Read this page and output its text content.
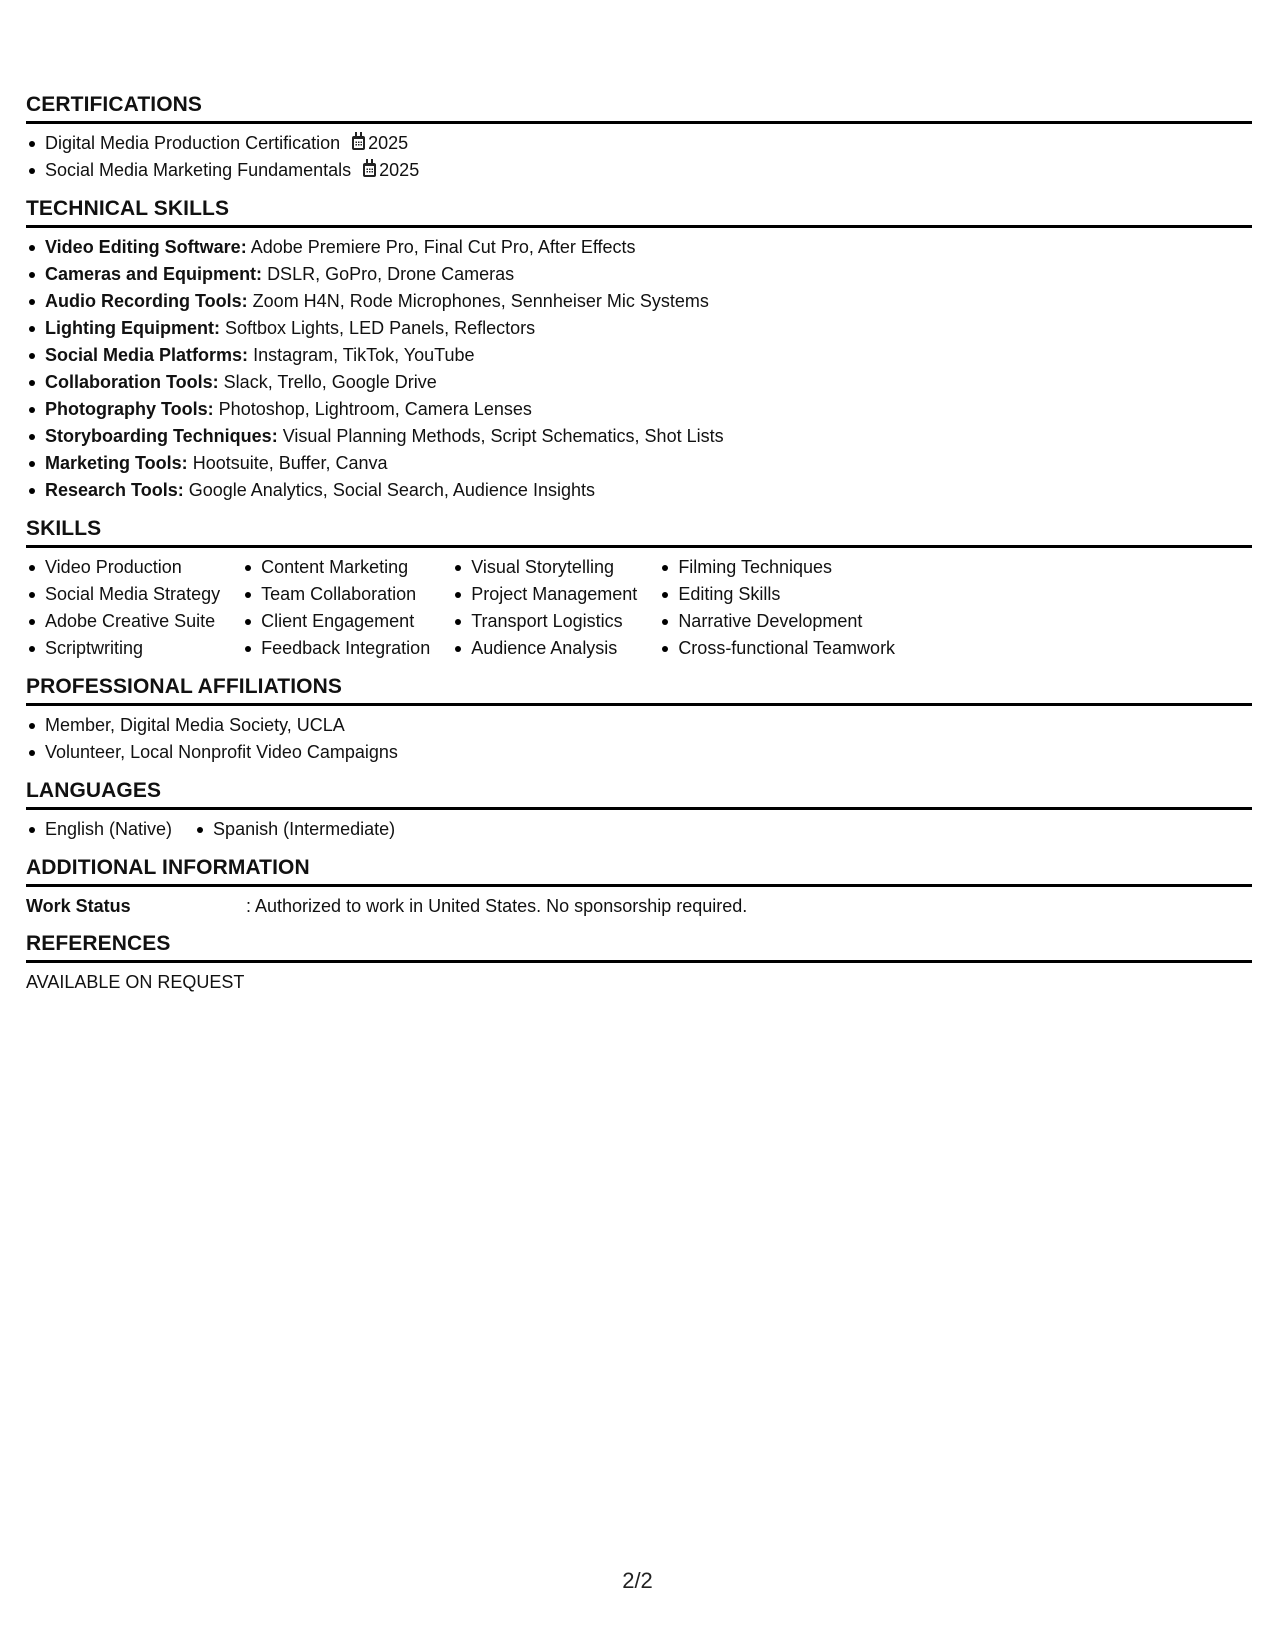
CERTIFICATIONS
Digital Media Production Certification 2025
Social Media Marketing Fundamentals 2025
TECHNICAL SKILLS
Video Editing Software: Adobe Premiere Pro, Final Cut Pro, After Effects
Cameras and Equipment: DSLR, GoPro, Drone Cameras
Audio Recording Tools: Zoom H4N, Rode Microphones, Sennheiser Mic Systems
Lighting Equipment: Softbox Lights, LED Panels, Reflectors
Social Media Platforms: Instagram, TikTok, YouTube
Collaboration Tools: Slack, Trello, Google Drive
Photography Tools: Photoshop, Lightroom, Camera Lenses
Storyboarding Techniques: Visual Planning Methods, Script Schematics, Shot Lists
Marketing Tools: Hootsuite, Buffer, Canva
Research Tools: Google Analytics, Social Search, Audience Insights
SKILLS
Video Production
Social Media Strategy
Adobe Creative Suite
Scriptwriting
Content Marketing
Team Collaboration
Client Engagement
Feedback Integration
Visual Storytelling
Project Management
Transport Logistics
Audience Analysis
Filming Techniques
Editing Skills
Narrative Development
Cross-functional Teamwork
PROFESSIONAL AFFILIATIONS
Member, Digital Media Society, UCLA
Volunteer, Local Nonprofit Video Campaigns
LANGUAGES
English (Native)	Spanish (Intermediate)
ADDITIONAL INFORMATION
Work Status	: Authorized to work in United States. No sponsorship required.
REFERENCES
AVAILABLE ON REQUEST
2/2
